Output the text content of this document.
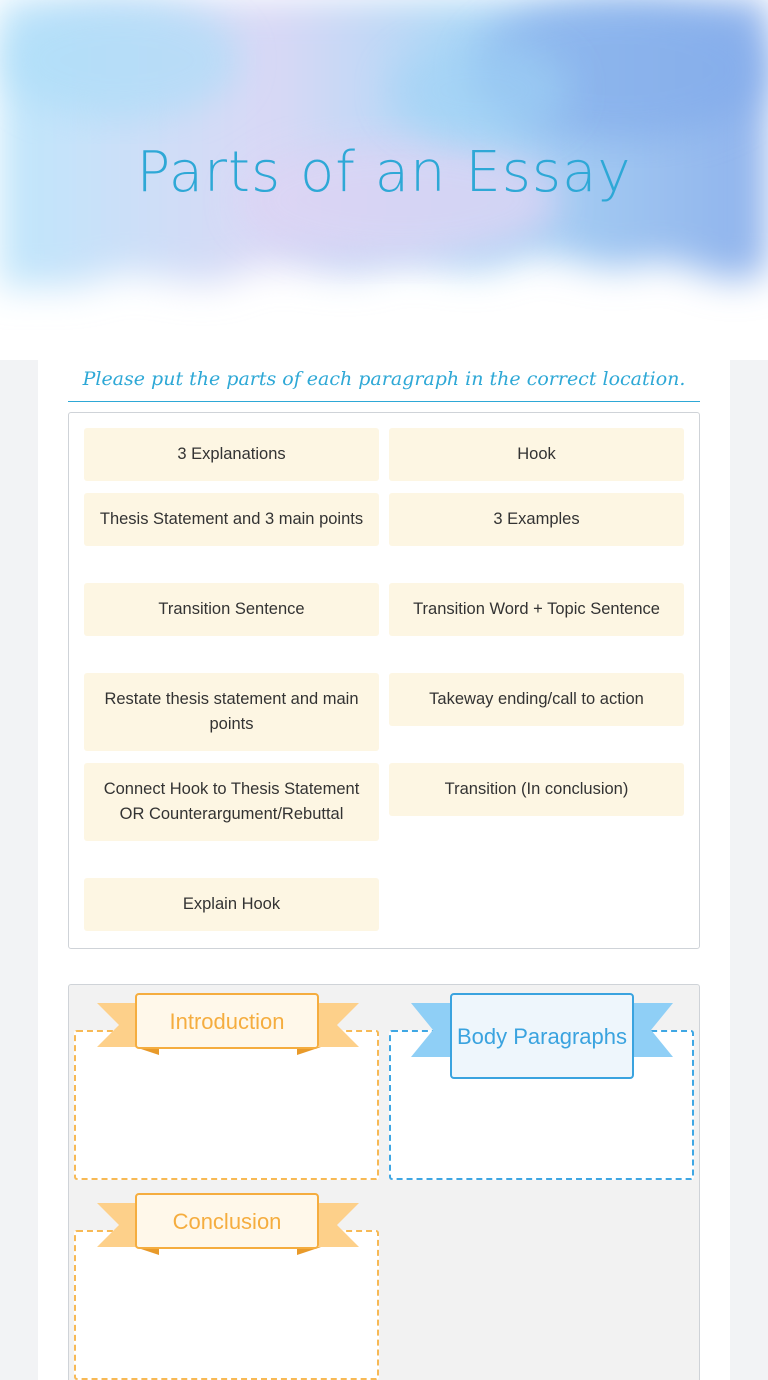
Parts of an Essay
Please put the parts of each paragraph in the correct location.
3 Explanations	Hook
Thesis Statement and 3 main points	3 Examples
Transition Sentence	Transition Word + Topic Sentence
Restate thesis statement and main points
Takeway ending/call to action
Connect Hook to Thesis Statement OR Counterargument/Rebuttal
Transition (In conclusion)
Explain Hook
Introduction
Body Paragraphs
Conclusion
